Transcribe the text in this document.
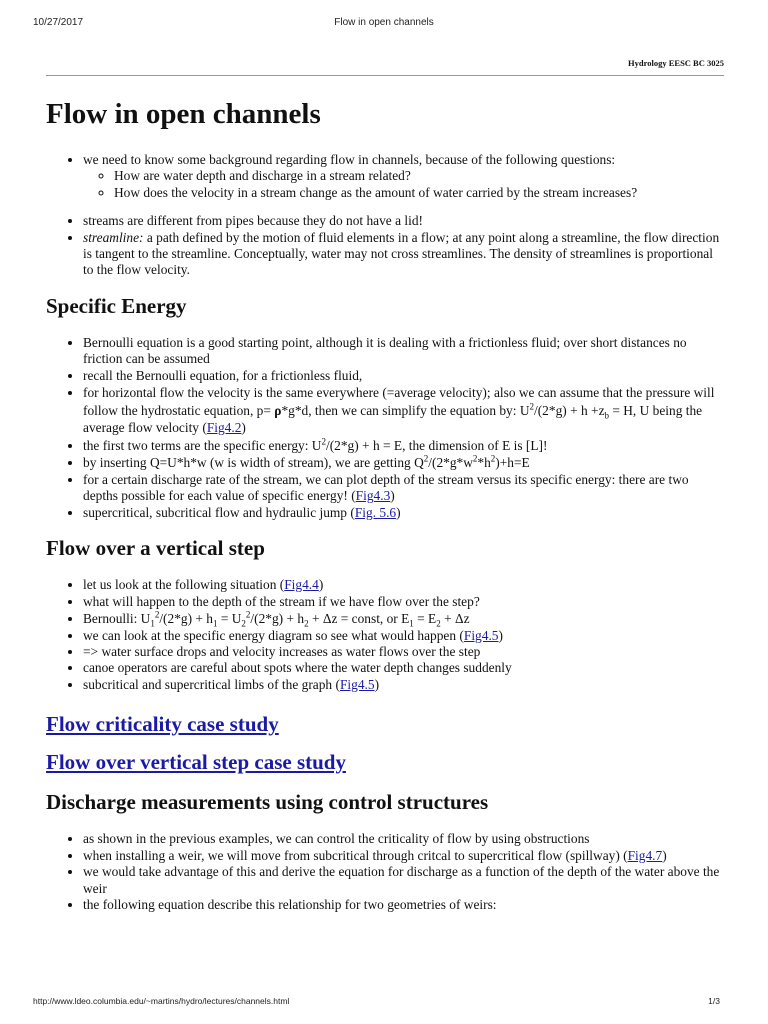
10/27/2017	Flow in open channels
Hydrology EESC BC 3025
Flow in open channels
• we need to know some background regarding flow in channels, because of the following questions:
◦ How are water depth and discharge in a stream related?
◦ How does the velocity in a stream change as the amount of water carried by the stream increases?
• streams are different from pipes because they do not have a lid!
• streamline: a path defined by the motion of fluid elements in a flow; at any point along a streamline, the flow direction is tangent to the streamline. Conceptually, water may not cross streamlines. The density of streamlines is proportional to the flow velocity.
Specific Energy
• Bernoulli equation is a good starting point, although it is dealing with a frictionless fluid; over short distances no friction can be assumed
• recall the Bernoulli equation, for a frictionless fluid,
• for horizontal flow the velocity is the same everywhere (=average velocity); also we can assume that the pressure will follow the hydrostatic equation, p= ρ*g*d, then we can simplify the equation by: $U^2/(2*g) + h +z_b = H$, U being the average flow velocity (Fig4.2)
• the first two terms are the specific energy: $U^2/(2*g) + h = E$, the dimension of E is [L]!
• by inserting Q=U*h*w (w is width of stream), we are getting $Q^2/(2*g*w^2*h^2)+h=E$
• for a certain discharge rate of the stream, we can plot depth of the stream versus its specific energy: there are two depths possible for each value of specific energy! (Fig4.3)
• supercritical, subcritical flow and hydraulic jump (Fig. 5.6)
Flow over a vertical step
• let us look at the following situation (Fig4.4)
• what will happen to the depth of the stream if we have flow over the step?
• Bernoulli: $U_1^2/(2*g) + h_1 = U_2^2/(2*g) + h_2 + \Delta z$ = const, or $E_1 = E_2 + \Delta z$
• we can look at the specific energy diagram so see what would happen (Fig4.5)
• => water surface drops and velocity increases as water flows over the step
• canoe operators are careful about spots where the water depth changes suddenly
• subcritical and supercritical limbs of the graph (Fig4.5)
Flow criticality case study
Flow over vertical step case study
Discharge measurements using control structures
• as shown in the previous examples, we can control the criticality of flow by using obstructions
• when installing a weir, we will move from subcritical through critcal to supercritical flow (spillway) (Fig4.7)
• we would take advantage of this and derive the equation for discharge as a function of the depth of the water above the weir
• the following equation describe this relationship for two geometries of weirs:
http://www.ldeo.columbia.edu/~martins/hydro/lectures/channels.html	1/3
